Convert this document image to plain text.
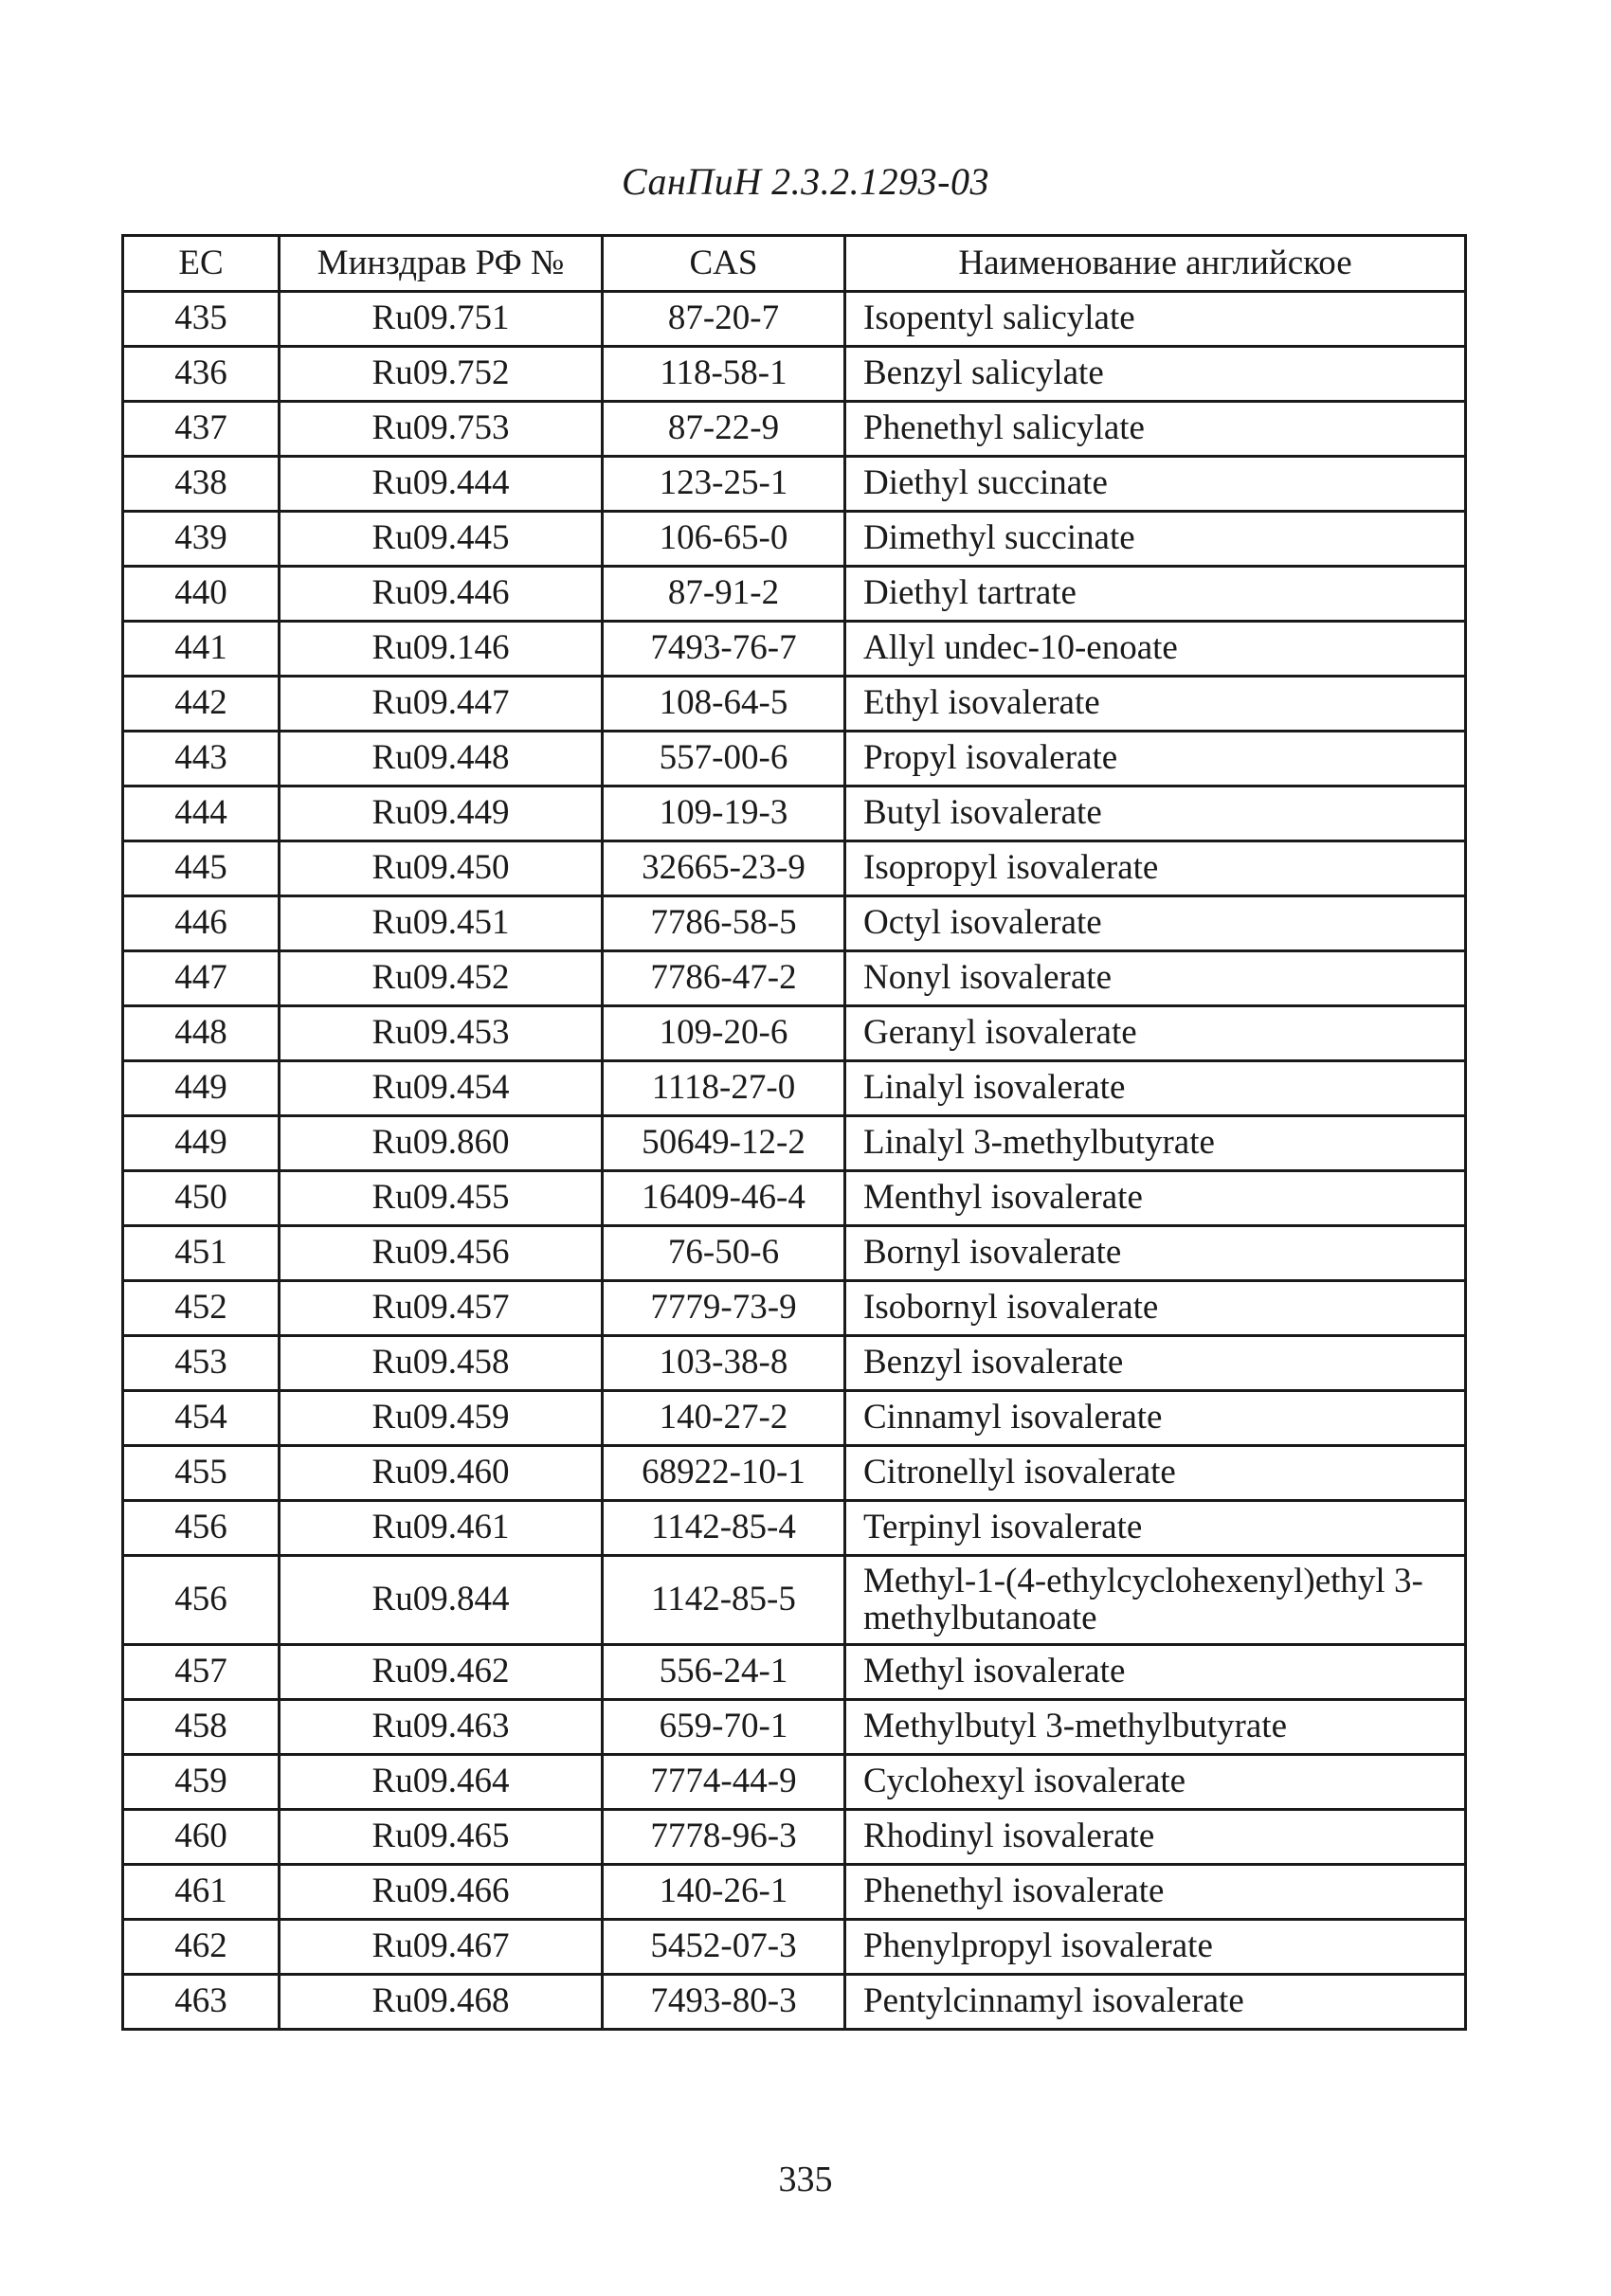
СанПиН 2.3.2.1293-03
ЕС	Минздрав РФ №	CAS	Наименование английское
435	Ru09.751	87-20-7	Isopentyl salicylate
436	Ru09.752	118-58-1	Benzyl salicylate
437	Ru09.753	87-22-9	Phenethyl salicylate
438	Ru09.444	123-25-1	Diethyl succinate
439	Ru09.445	106-65-0	Dimethyl succinate
440	Ru09.446	87-91-2	Diethyl tartrate
441	Ru09.146	7493-76-7	Allyl undec-10-enoate
442	Ru09.447	108-64-5	Ethyl isovalerate
443	Ru09.448	557-00-6	Propyl isovalerate
444	Ru09.449	109-19-3	Butyl isovalerate
445	Ru09.450	32665-23-9	Isopropyl isovalerate
446	Ru09.451	7786-58-5	Octyl isovalerate
447	Ru09.452	7786-47-2	Nonyl isovalerate
448	Ru09.453	109-20-6	Geranyl isovalerate
449	Ru09.454	1118-27-0	Linalyl isovalerate
449	Ru09.860	50649-12-2	Linalyl 3-methylbutyrate
450	Ru09.455	16409-46-4	Menthyl isovalerate
451	Ru09.456	76-50-6	Bornyl isovalerate
452	Ru09.457	7779-73-9	Isobornyl isovalerate
453	Ru09.458	103-38-8	Benzyl isovalerate
454	Ru09.459	140-27-2	Cinnamyl isovalerate
455	Ru09.460	68922-10-1	Citronellyl isovalerate
456	Ru09.461	1142-85-4	Terpinyl isovalerate
456	Ru09.844	1142-85-5	Methyl-1-(4-ethylcyclohexenyl)ethyl 3-methylbutanoate
457	Ru09.462	556-24-1	Methyl isovalerate
458	Ru09.463	659-70-1	Methylbutyl 3-methylbutyrate
459	Ru09.464	7774-44-9	Cyclohexyl isovalerate
460	Ru09.465	7778-96-3	Rhodinyl isovalerate
461	Ru09.466	140-26-1	Phenethyl isovalerate
462	Ru09.467	5452-07-3	Phenylpropyl isovalerate
463	Ru09.468	7493-80-3	Pentylcinnamyl isovalerate
335
